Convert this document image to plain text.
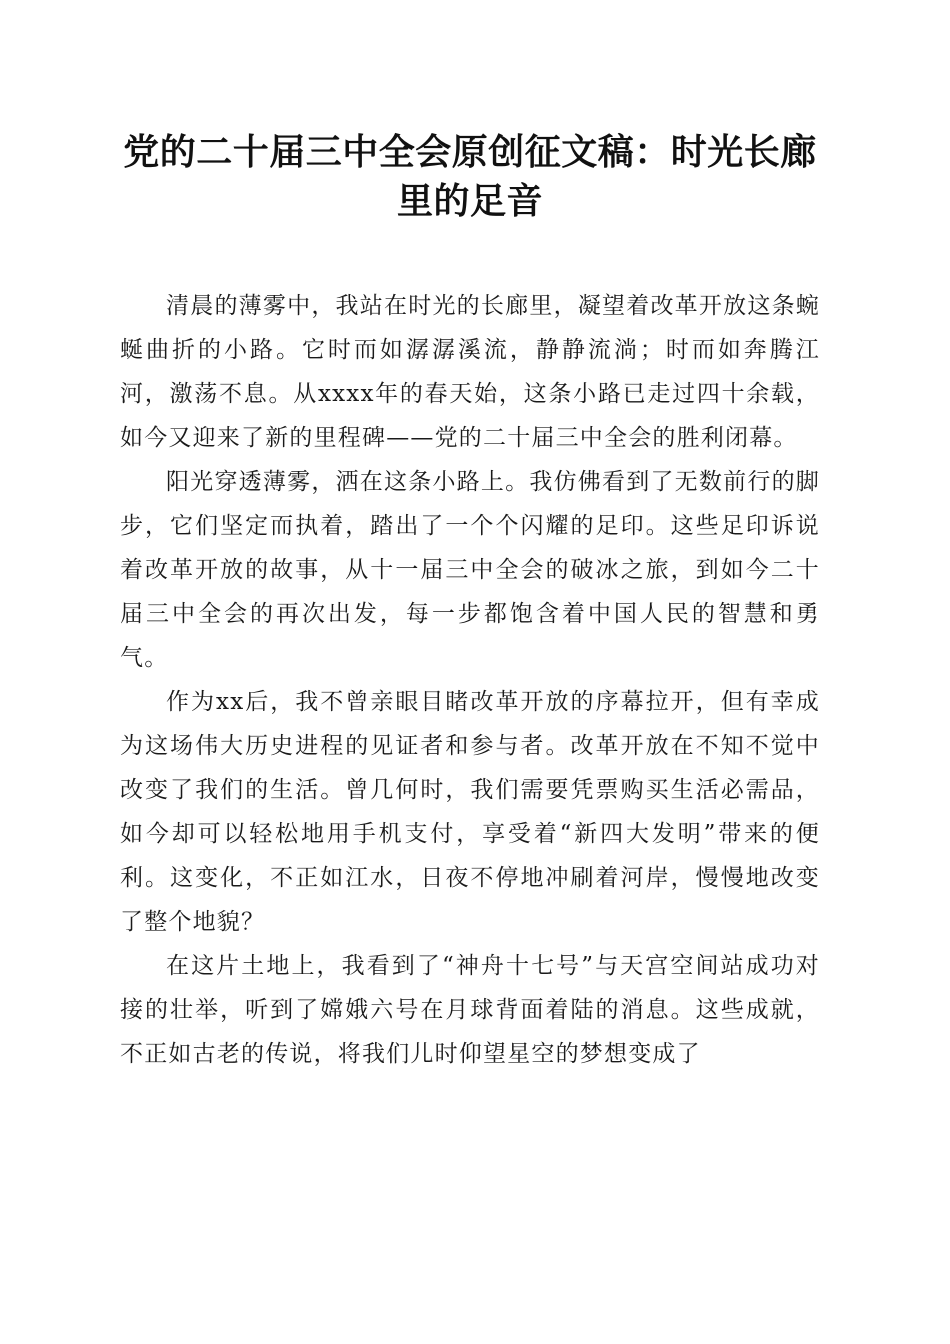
党的二十届三中全会原创征文稿：时光长廊里的足音

清晨的薄雾中，我站在时光的长廊里，凝望着改革开放这条蜿蜒曲折的小路。它时而如潺潺溪流，静静流淌；时而如奔腾江河，激荡不息。从xxxx年的春天始，这条小路已走过四十余载，如今又迎来了新的里程碑——党的二十届三中全会的胜利闭幕。

阳光穿透薄雾，洒在这条小路上。我仿佛看到了无数前行的脚步，它们坚定而执着，踏出了一个个闪耀的足印。这些足印诉说着改革开放的故事，从十一届三中全会的破冰之旅，到如今二十届三中全会的再次出发，每一步都饱含着中国人民的智慧和勇气。

作为xx后，我不曾亲眼目睹改革开放的序幕拉开，但有幸成为这场伟大历史进程的见证者和参与者。改革开放在不知不觉中改变了我们的生活。曾几何时，我们需要凭票购买生活必需品，如今却可以轻松地用手机支付，享受着“新四大发明”带来的便利。这变化，不正如江水，日夜不停地冲刷着河岸，慢慢地改变了整个地貌？

在这片土地上，我看到了“神舟十七号”与天宫空间站成功对接的壮举，听到了嫦娥六号在月球背面着陆的消息。这些成就，不正如古老的传说，将我们儿时仰望星空的梦想变成了
